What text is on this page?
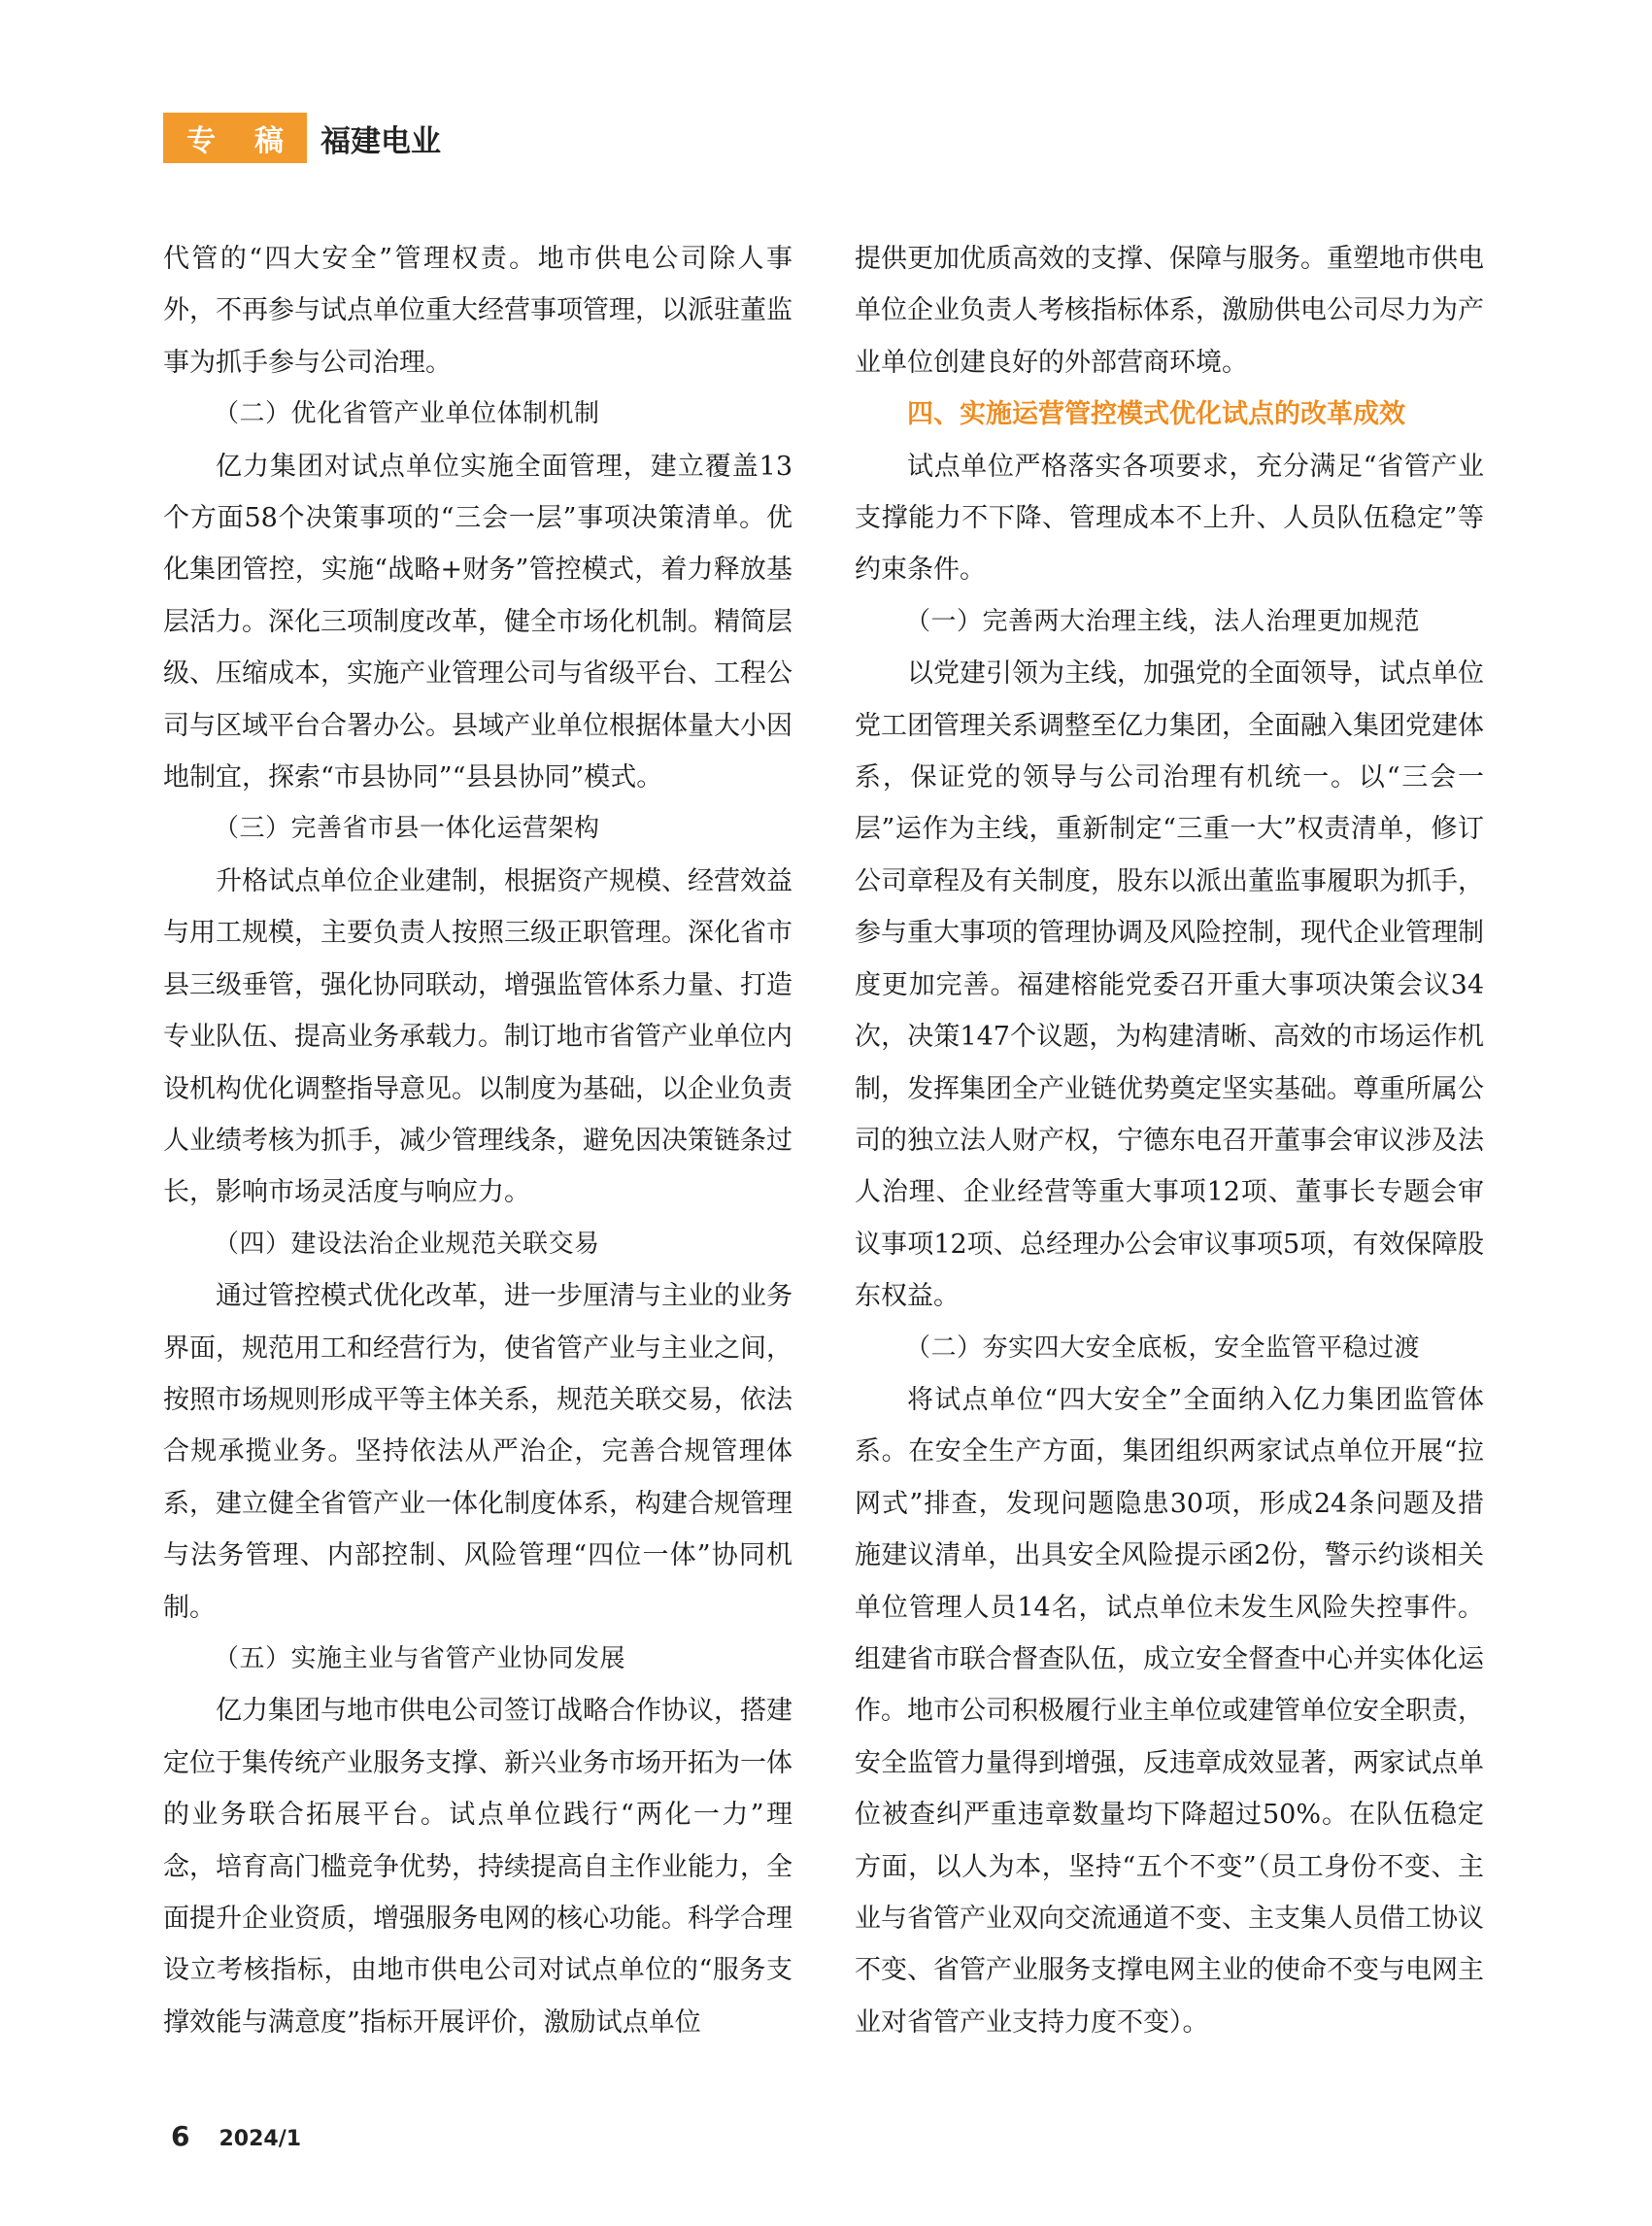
专 稿 福建电业

代管的“四大安全”管理权责。地市供电公司除人事外，不再参与试点单位重大经营事项管理，以派驻董监事为抓手参与公司治理。

（二）优化省管产业单位体制机制

亿力集团对试点单位实施全面管理，建立覆盖13个方面58个决策事项的“三会一层”事项决策清单。优化集团管控，实施“战略+财务”管控模式，着力释放基层活力。深化三项制度改革，健全市场化机制。精简层级、压缩成本，实施产业管理公司与省级平台、工程公司与区域平台合署办公。县域产业单位根据体量大小因地制宜，探索“市县协同”“县县协同”模式。

（三）完善省市县一体化运营架构

升格试点单位企业建制，根据资产规模、经营效益与用工规模，主要负责人按照三级正职管理。深化省市县三级垂管，强化协同联动，增强监管体系力量、打造专业队伍、提高业务承载力。制订地市省管产业单位内设机构优化调整指导意见。以制度为基础，以企业负责人业绩考核为抓手，减少管理线条，避免因决策链条过长，影响市场灵活度与响应力。

（四）建设法治企业规范关联交易

通过管控模式优化改革，进一步厘清与主业的业务界面，规范用工和经营行为，使省管产业与主业之间，按照市场规则形成平等主体关系，规范关联交易，依法合规承揽业务。坚持依法从严治企，完善合规管理体系，建立健全省管产业一体化制度体系，构建合规管理与法务管理、内部控制、风险管理“四位一体”协同机制。

（五）实施主业与省管产业协同发展

亿力集团与地市供电公司签订战略合作协议，搭建定位于集传统产业服务支撑、新兴业务市场开拓为一体的业务联合拓展平台。试点单位践行“两化一力”理念，培育高门槛竞争优势，持续提高自主作业能力，全面提升企业资质，增强服务电网的核心功能。科学合理设立考核指标，由地市供电公司对试点单位的“服务支撑效能与满意度”指标开展评价，激励试点单位

提供更加优质高效的支撑、保障与服务。重塑地市供电单位企业负责人考核指标体系，激励供电公司尽力为产业单位创建良好的外部营商环境。

四、实施运营管控模式优化试点的改革成效

试点单位严格落实各项要求，充分满足“省管产业支撑能力不下降、管理成本不上升、人员队伍稳定”等约束条件。

（一）完善两大治理主线，法人治理更加规范

以党建引领为主线，加强党的全面领导，试点单位党工团管理关系调整至亿力集团，全面融入集团党建体系，保证党的领导与公司治理有机统一。以“三会一层”运作为主线，重新制定“三重一大”权责清单，修订公司章程及有关制度，股东以派出董监事履职为抓手，参与重大事项的管理协调及风险控制，现代企业管理制度更加完善。福建榕能党委召开重大事项决策会议34次，决策147个议题，为构建清晰、高效的市场运作机制，发挥集团全产业链优势奠定坚实基础。尊重所属公司的独立法人财产权，宁德东电召开董事会审议涉及法人治理、企业经营等重大事项12项、董事长专题会审议事项12项、总经理办公会审议事项5项，有效保障股东权益。

（二）夯实四大安全底板，安全监管平稳过渡

将试点单位“四大安全”全面纳入亿力集团监管体系。在安全生产方面，集团组织两家试点单位开展“拉网式”排查，发现问题隐患30项，形成24条问题及措施建议清单，出具安全风险提示函2份，警示约谈相关单位管理人员14名，试点单位未发生风险失控事件。组建省市联合督查队伍，成立安全督查中心并实体化运作。地市公司积极履行业主单位或建管单位安全职责，安全监管力量得到增强，反违章成效显著，两家试点单位被查纠严重违章数量均下降超过50%。在队伍稳定方面，以人为本，坚持“五个不变”（员工身份不变、主业与省管产业双向交流通道不变、主支集人员借工协议不变、省管产业服务支撑电网主业的使命不变与电网主业对省管产业支持力度不变）。

6 2024/1
